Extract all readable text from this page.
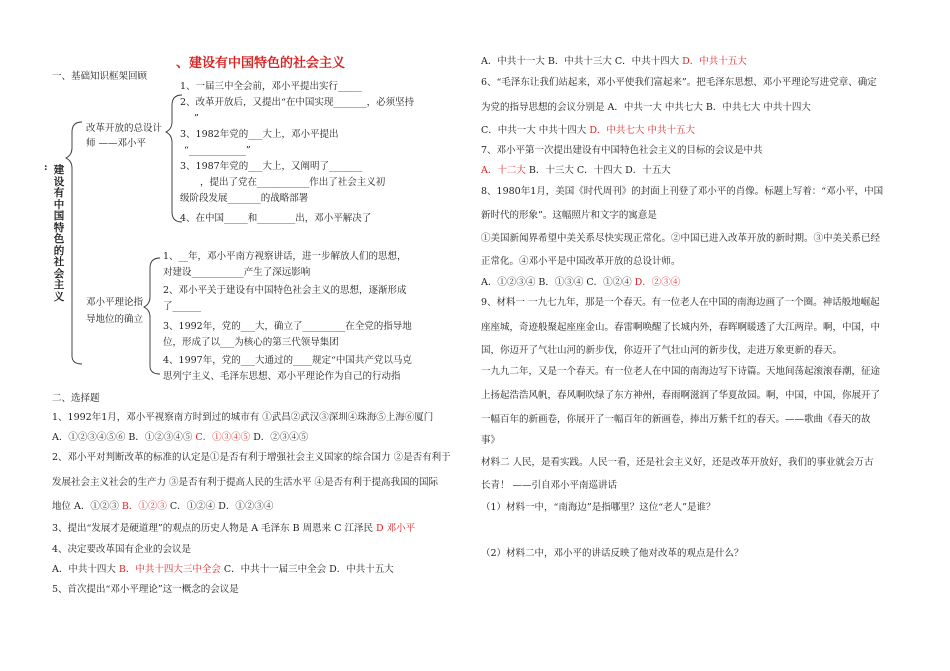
、建设有中国特色的社会主义
一、基础知识框架回顾
: 建设有中国特色的社会主义
改革开放的总设计
师 ——邓小平
1、一届三中全会前，邓小平提出实行_____
2、改革开放后，又提出“在中国实现_______，必须坚持
”
3、1982年党的___大上，邓小平提出
“____________”
3、1987年党的___大上，又阐明了_______
，提出了党在___________作出了社会主义初
级阶段发展_______的战略部署
4、在中国_____和________出，邓小平解决了
邓小平理论指
导地位的确立
1、__年，邓小平南方视察讲话，进一步解放人们的思想，
对建设___________产生了深远影响
2、邓小平关于建设有中国特色社会主义的思想，逐渐形成
了______
3、1992年，党的___大，确立了_________在全党的指导地
位，形成了以___为核心的第三代领导集团
4、1997年，党的___大通过的____规定“中国共产党以马克
思列宁主义、毛泽东思想、邓小平理论作为自己的行动指
二、选择题
1、1992年1月，邓小平视察南方时到过的城市有 ①武昌②武汉③深圳④珠海⑤上海⑥厦门
A．①②③④⑤⑥ B．①②③④⑤ C．①③④⑤ D．②③④⑤
2、邓小平对判断改革的标准的认定是①是否有利于增强社会主义国家的综合国力 ②是否有利于
发展社会主义社会的生产力 ③是否有利于提高人民的生活水平 ④是否有利于提高我国的国际
地位 A．①②③ B．①②③ C．①②④ D．①②③④
3、提出“发展才是硬道理”的观点的历史人物是 A 毛泽东 B 周恩来 C 江泽民 D 邓小平
4、决定要改革国有企业的会议是
A．中共十四大 B．中共十四大三中全会 C．中共十一届三中全会 D．中共十五大
5、首次提出“邓小平理论”这一概念的会议是
A．中共十一大 B．中共十三大 C．中共十四大 D．中共十五大
6、“毛泽东让我们站起来，邓小平使我们富起来”。把毛泽东思想、邓小平理论写进党章、确定
为党的指导思想的会议分别是 A．中共一大 中共七大 B．中共七大 中共十四大
C．中共一大 中共十四大 D．中共七大 中共十五大
7、邓小平第一次提出建设有中国特色社会主义的目标的会议是中共
A．十二大 B．十三大 C．十四大 D．十五大
8、1980年1月，美国《时代周刊》的封面上刊登了邓小平的肖像。标题上写着：“邓小平，中国
新时代的形象”。这幅照片和文字的寓意是
①美国新闻界希望中美关系尽快实现正常化。②中国已进入改革开放的新时期。③中美关系已经
正常化。④邓小平是中国改革开放的总设计师。
A．①②③④ B．①③④ C．①②④ D．②③④
9、材料一 一九七九年，那是一个春天。有一位老人在中国的南海边画了一个圈。神话般地崛起
座座城，奇迹般聚起座座金山。春雷啊唤醒了长城内外，春晖啊暖透了大江两岸。啊，中国，中
国，你迈开了气壮山河的新步伐，你迈开了气壮山河的新步伐，走进万象更新的春天。
一九九二年，又是一个春天。有一位老人在中国的南海边写下诗篇。天地间荡起滚滚春潮，征途
上扬起浩浩风帆，春风啊吹绿了东方神州，春雨啊滋润了华夏故园。啊，中国，中国，你展开了
一幅百年的新画卷，你展开了一幅百年的新画卷，捧出万紫千红的春天。——歌曲《春天的故
事》
材料二 人民，是看实践。人民一看，还是社会主义好，还是改革开放好，我们的事业就会万古
长青！ ——引自邓小平南巡讲话
（1）材料一中，“南海边”是指哪里？这位“老人”是谁？
（2）材料二中，邓小平的讲话反映了他对改革的观点是什么？
